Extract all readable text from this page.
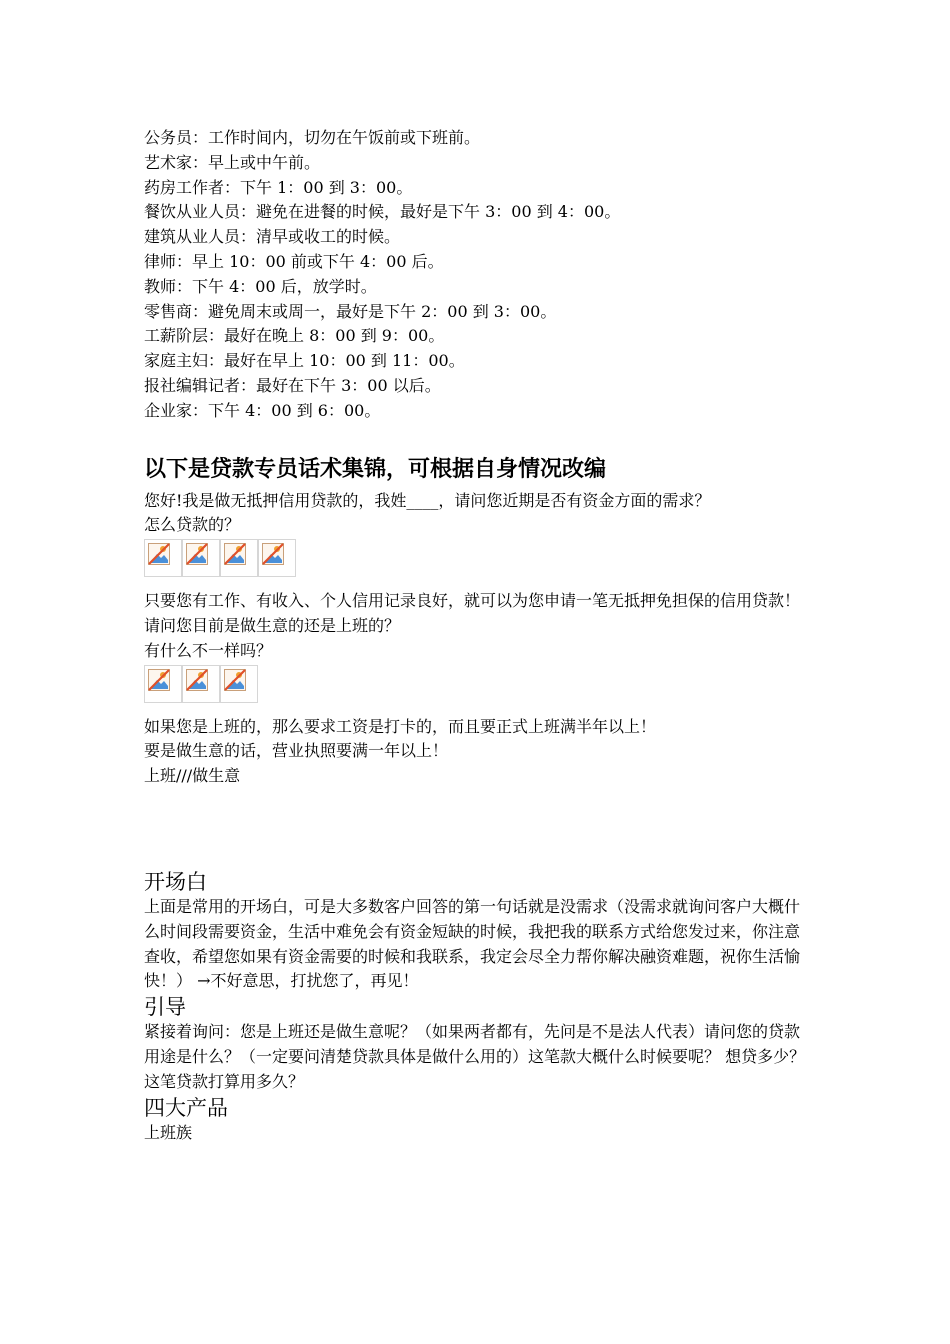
公务员：工作时间内，切勿在午饭前或下班前。
艺术家：早上或中午前。
药房工作者：下午 1：00 到 3：00。
餐饮从业人员：避免在进餐的时候，最好是下午 3：00 到 4：00。
建筑从业人员：清早或收工的时候。
律师：早上 10：00 前或下午 4：00 后。
教师：下午 4：00 后，放学时。
零售商：避免周末或周一，最好是下午 2：00 到 3：00。
工薪阶层：最好在晚上 8：00 到 9：00。
家庭主妇：最好在早上 10：00 到 11：00。
报社编辑记者：最好在下午 3：00 以后。
企业家：下午 4：00 到 6：00。
以下是贷款专员话术集锦，可根据自身情况改编
您好!我是做无抵押信用贷款的，我姓____，请问您近期是否有资金方面的需求？
怎么贷款的？
只要您有工作、有收入、个人信用记录良好，就可以为您申请一笔无抵押免担保的信用贷款！请问您目前是做生意的还是上班的？
有什么不一样吗？
如果您是上班的，那么要求工资是打卡的，而且要正式上班满半年以上！
要是做生意的话，营业执照要满一年以上！
上班///做生意
开场白
上面是常用的开场白，可是大多数客户回答的第一句话就是没需求（没需求就询问客户大概什么时间段需要资金，生活中难免会有资金短缺的时候，我把我的联系方式给您发过来，你注意查收，希望您如果有资金需要的时候和我联系，我定会尽全力帮你解决融资难题，祝你生活愉快！） →不好意思，打扰您了，再见！
引导
紧接着询问：您是上班还是做生意呢？（如果两者都有，先问是不是法人代表）请问您的贷款用途是什么？（一定要问清楚贷款具体是做什么用的）这笔款大概什么时候要呢？ 想贷多少？ 这笔贷款打算用多久？
四大产品
上班族
